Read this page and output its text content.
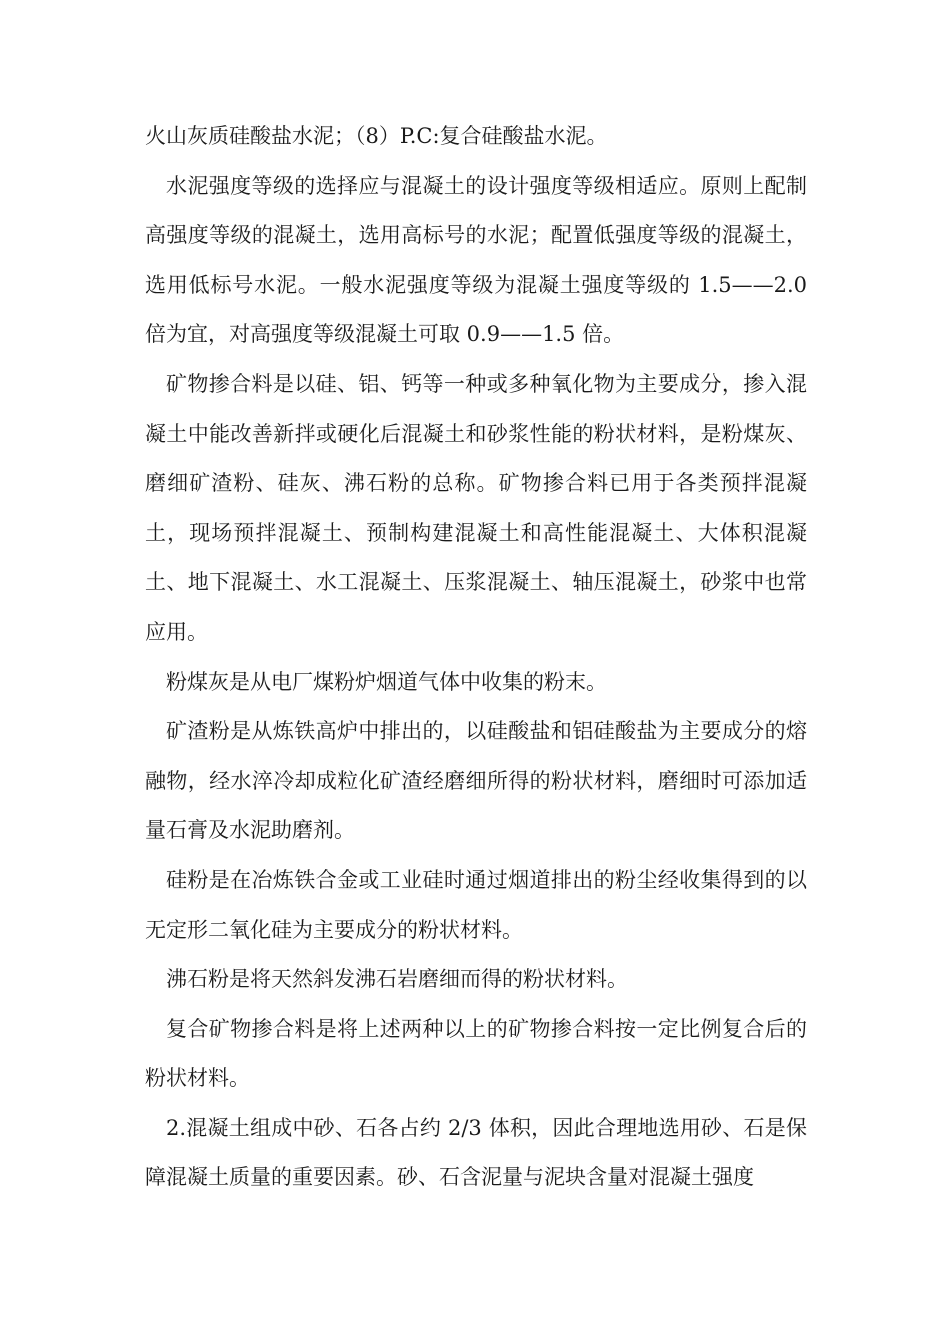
火山灰质硅酸盐水泥；（8）P.C:复合硅酸盐水泥。

水泥强度等级的选择应与混凝土的设计强度等级相适应。原则上配制高强度等级的混凝土，选用高标号的水泥；配置低强度等级的混凝土，选用低标号水泥。一般水泥强度等级为混凝土强度等级的 1.5——2.0 倍为宜，对高强度等级混凝土可取 0.9——1.5 倍。

矿物掺合料是以硅、铝、钙等一种或多种氧化物为主要成分，掺入混凝土中能改善新拌或硬化后混凝土和砂浆性能的粉状材料，是粉煤灰、磨细矿渣粉、硅灰、沸石粉的总称。矿物掺合料已用于各类预拌混凝土，现场预拌混凝土、预制构建混凝土和高性能混凝土、大体积混凝土、地下混凝土、水工混凝土、压浆混凝土、轴压混凝土，砂浆中也常应用。

粉煤灰是从电厂煤粉炉烟道气体中收集的粉末。

矿渣粉是从炼铁高炉中排出的，以硅酸盐和铝硅酸盐为主要成分的熔融物，经水淬冷却成粒化矿渣经磨细所得的粉状材料，磨细时可添加适量石膏及水泥助磨剂。

硅粉是在冶炼铁合金或工业硅时通过烟道排出的粉尘经收集得到的以无定形二氧化硅为主要成分的粉状材料。

沸石粉是将天然斜发沸石岩磨细而得的粉状材料。

复合矿物掺合料是将上述两种以上的矿物掺合料按一定比例复合后的粉状材料。

2.混凝土组成中砂、石各占约 2/3 体积，因此合理地选用砂、石是保障混凝土质量的重要因素。砂、石含泥量与泥块含量对混凝土强度
